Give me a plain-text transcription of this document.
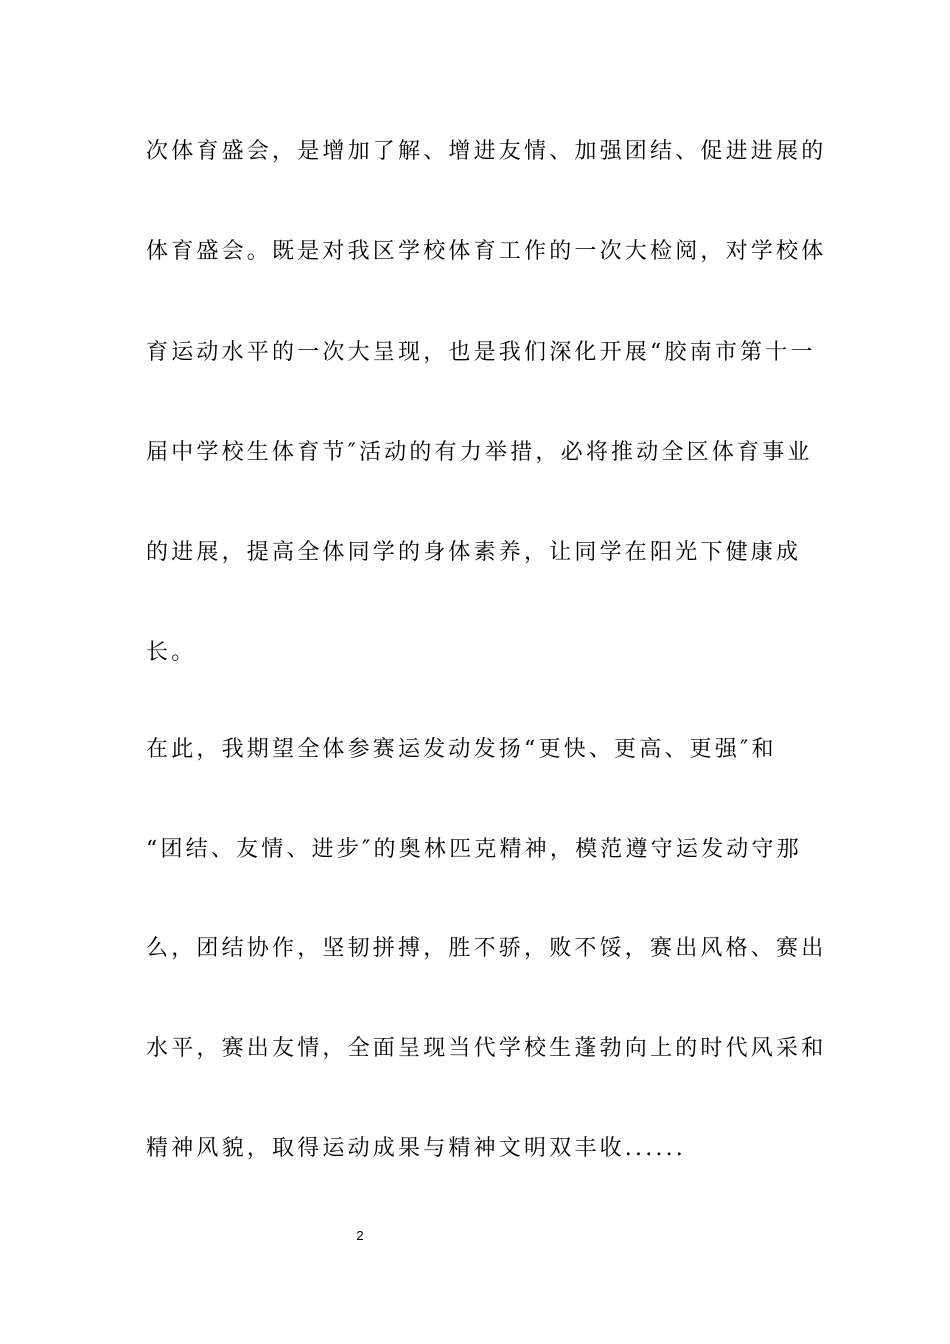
次体育盛会，是增加了解、增进友情、加强团结、促进进展的
体育盛会。既是对我区学校体育工作的一次大检阅，对学校体
育运动水平的一次大呈现，也是我们深化开展“胶南市第十一
届中学校生体育节″活动的有力举措，必将推动全区体育事业
的进展，提高全体同学的身体素养，让同学在阳光下健康成
长。
在此，我期望全体参赛运发动发扬“更快、更高、更强″和
“团结、友情、进步″的奥林匹克精神，模范遵守运发动守那
么，团结协作，坚韧拼搏，胜不骄，败不馁，赛出风格、赛出
水平，赛出友情，全面呈现当代学校生蓬勃向上的时代风采和
精神风貌，取得运动成果与精神文明双丰收......
2
